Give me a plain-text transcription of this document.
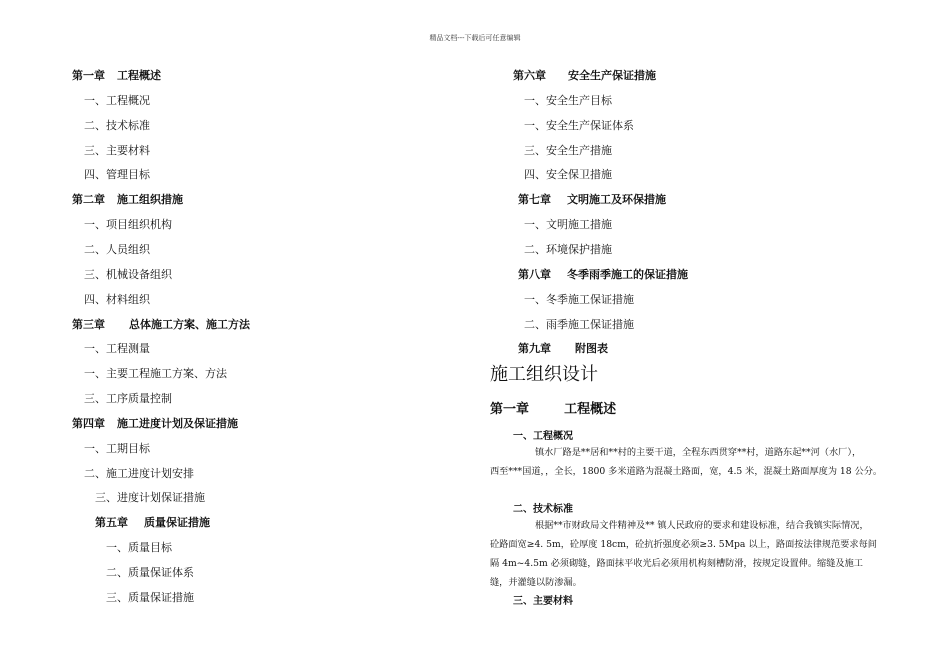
精品文档---下载后可任意编辑
第一章 工程概述
一、工程概况
二、技术标准
三、主要材料
四、管理目标
第二章 施工组织措施
一、项目组织机构
二、人员组织
三、机械设备组织
四、材料组织
第三章 总体施工方案、施工方法
一、工程测量
一、主要工程施工方案、方法
三、工序质量控制
第四章 施工进度计划及保证措施
一、工期目标
二、施工进度计划安排
三、进度计划保证措施
第五章 质量保证措施
一、质量目标
二、质量保证体系
三、质量保证措施
第六章 安全生产保证措施
一、安全生产目标
一、安全生产保证体系
三、安全生产措施
四、安全保卫措施
第七章 文明施工及环保措施
一、文明施工措施
二、环境保护措施
第八章 冬季雨季施工的保证措施
一、冬季施工保证措施
二、雨季施工保证措施
第九章 附图表
施工组织设计
第一章	工程概述
一、工程概况
镇水厂路是**居和**村的主要干道，全程东西贯穿**村，道路东起**河（水厂），
西至***国道，，全长，1800 多米道路为混凝土路面，宽，4.5 米，混凝土路面厚度为 18 公分。
二、技术标准
根据**市财政局文件精神及** 镇人民政府的要求和建设标准，结合我镇实际情况，
砼路面宽≥4. 5m，砼厚度 18cm，砼抗折强度必须≥3. 5Mpa 以上，路面按法律规范要求每间
隔 4m~4.5m 必须砌缝，路面抹平收光后必须用机构刻槽防滑，按规定设置伸。缩缝及施工
缝，并灌缝以防渗漏。
三、主要材料
